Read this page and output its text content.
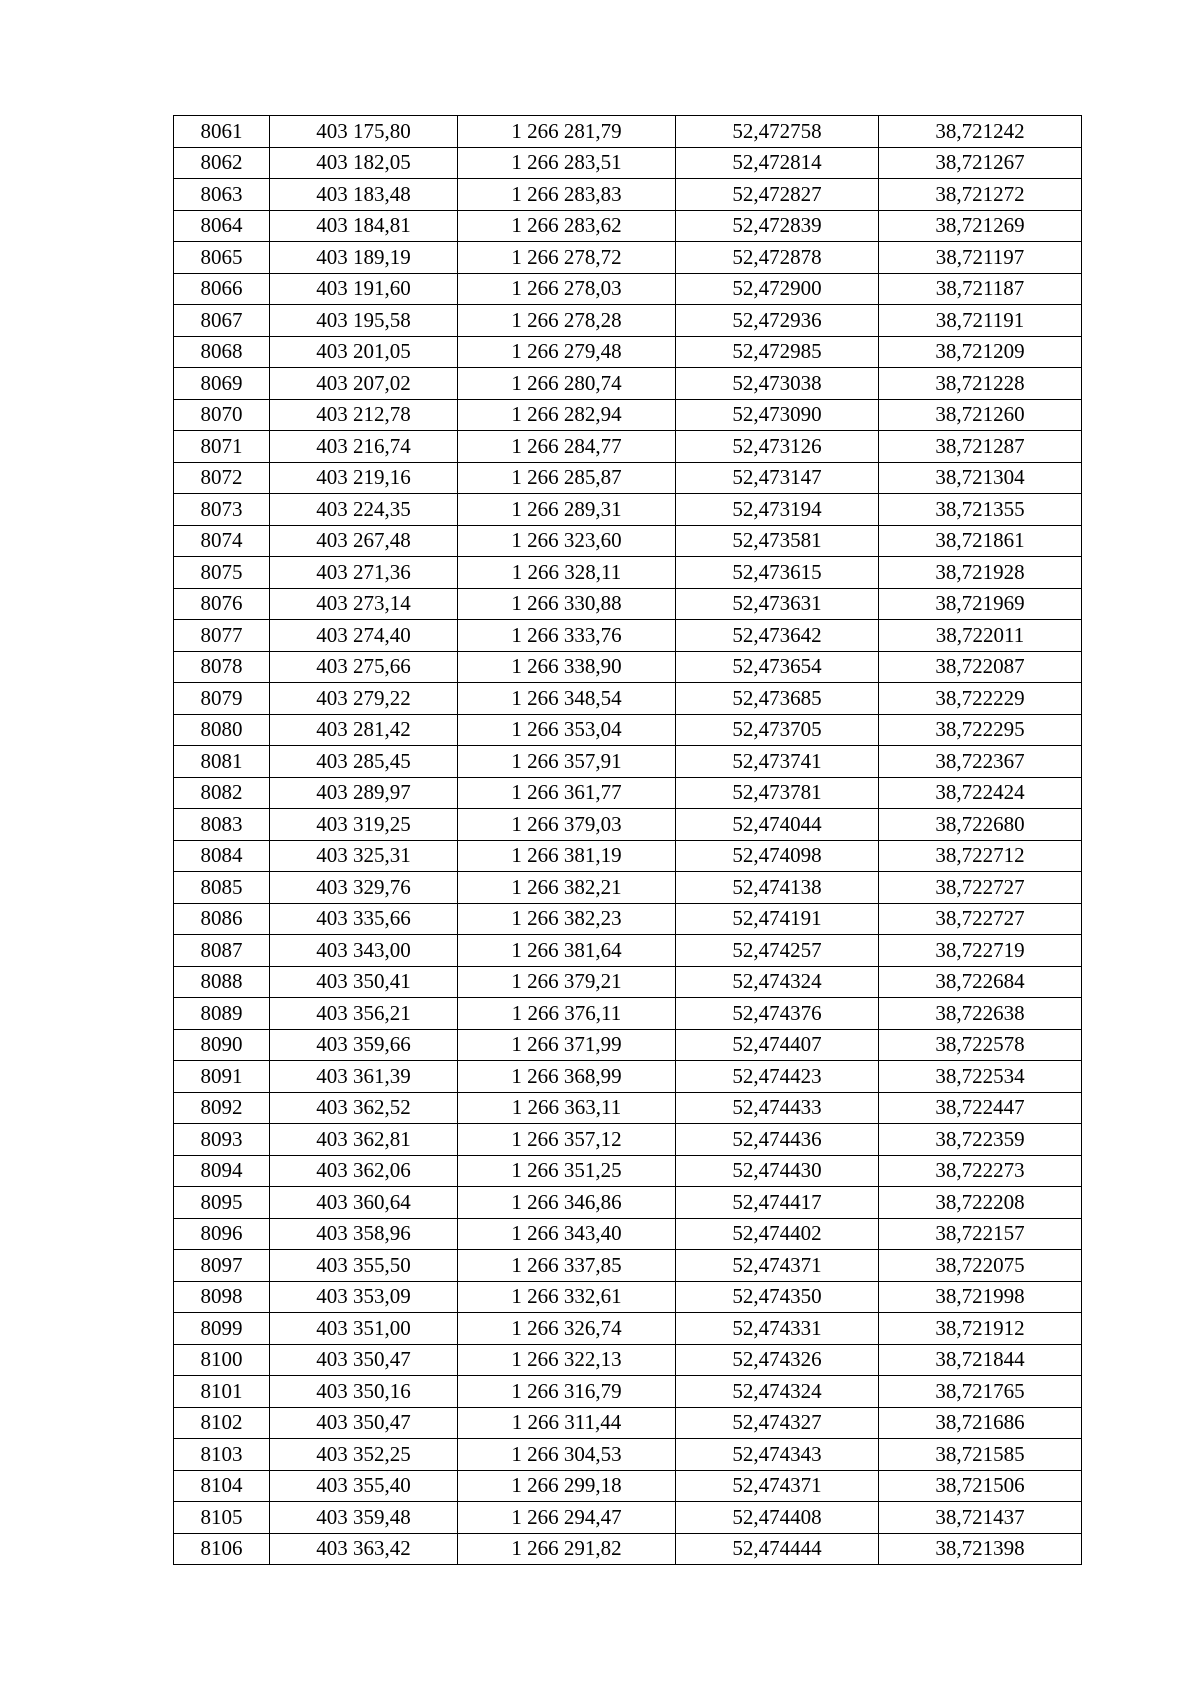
8061	403 175,80	1 266 281,79	52,472758	38,721242
8062	403 182,05	1 266 283,51	52,472814	38,721267
8063	403 183,48	1 266 283,83	52,472827	38,721272
8064	403 184,81	1 266 283,62	52,472839	38,721269
8065	403 189,19	1 266 278,72	52,472878	38,721197
8066	403 191,60	1 266 278,03	52,472900	38,721187
8067	403 195,58	1 266 278,28	52,472936	38,721191
8068	403 201,05	1 266 279,48	52,472985	38,721209
8069	403 207,02	1 266 280,74	52,473038	38,721228
8070	403 212,78	1 266 282,94	52,473090	38,721260
8071	403 216,74	1 266 284,77	52,473126	38,721287
8072	403 219,16	1 266 285,87	52,473147	38,721304
8073	403 224,35	1 266 289,31	52,473194	38,721355
8074	403 267,48	1 266 323,60	52,473581	38,721861
8075	403 271,36	1 266 328,11	52,473615	38,721928
8076	403 273,14	1 266 330,88	52,473631	38,721969
8077	403 274,40	1 266 333,76	52,473642	38,722011
8078	403 275,66	1 266 338,90	52,473654	38,722087
8079	403 279,22	1 266 348,54	52,473685	38,722229
8080	403 281,42	1 266 353,04	52,473705	38,722295
8081	403 285,45	1 266 357,91	52,473741	38,722367
8082	403 289,97	1 266 361,77	52,473781	38,722424
8083	403 319,25	1 266 379,03	52,474044	38,722680
8084	403 325,31	1 266 381,19	52,474098	38,722712
8085	403 329,76	1 266 382,21	52,474138	38,722727
8086	403 335,66	1 266 382,23	52,474191	38,722727
8087	403 343,00	1 266 381,64	52,474257	38,722719
8088	403 350,41	1 266 379,21	52,474324	38,722684
8089	403 356,21	1 266 376,11	52,474376	38,722638
8090	403 359,66	1 266 371,99	52,474407	38,722578
8091	403 361,39	1 266 368,99	52,474423	38,722534
8092	403 362,52	1 266 363,11	52,474433	38,722447
8093	403 362,81	1 266 357,12	52,474436	38,722359
8094	403 362,06	1 266 351,25	52,474430	38,722273
8095	403 360,64	1 266 346,86	52,474417	38,722208
8096	403 358,96	1 266 343,40	52,474402	38,722157
8097	403 355,50	1 266 337,85	52,474371	38,722075
8098	403 353,09	1 266 332,61	52,474350	38,721998
8099	403 351,00	1 266 326,74	52,474331	38,721912
8100	403 350,47	1 266 322,13	52,474326	38,721844
8101	403 350,16	1 266 316,79	52,474324	38,721765
8102	403 350,47	1 266 311,44	52,474327	38,721686
8103	403 352,25	1 266 304,53	52,474343	38,721585
8104	403 355,40	1 266 299,18	52,474371	38,721506
8105	403 359,48	1 266 294,47	52,474408	38,721437
8106	403 363,42	1 266 291,82	52,474444	38,721398
